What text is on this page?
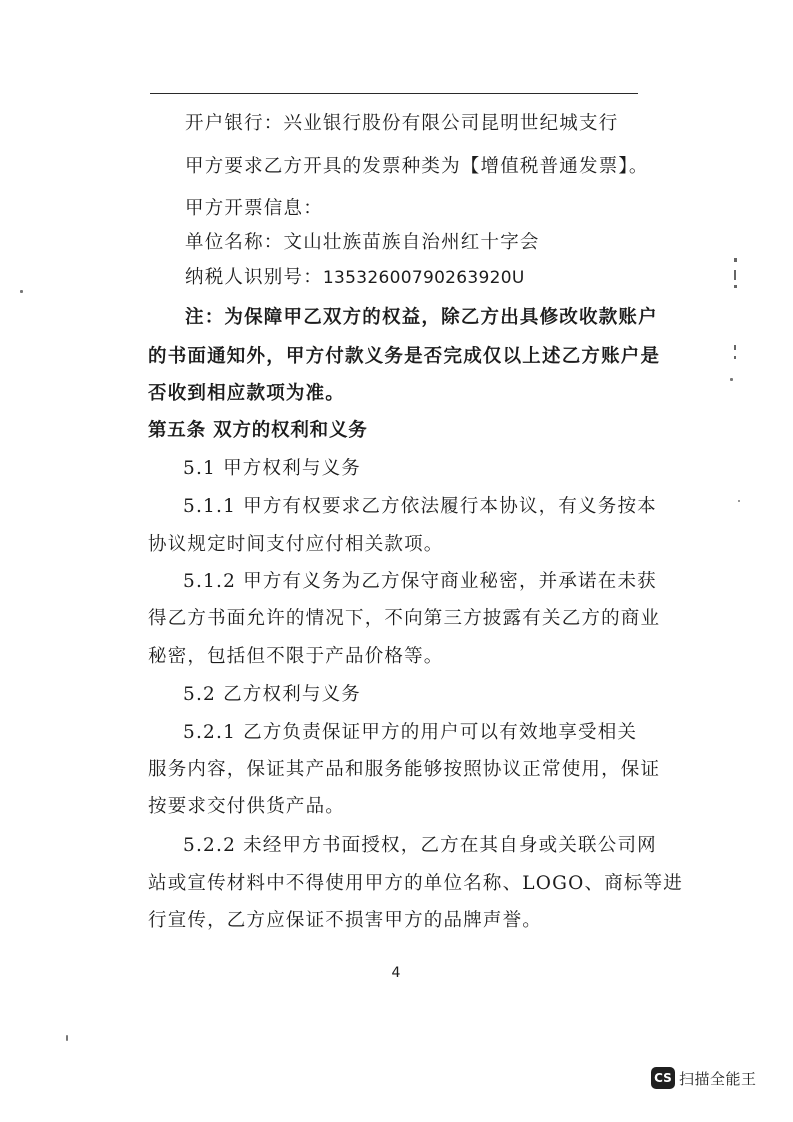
开户银行：兴业银行股份有限公司昆明世纪城支行
甲方要求乙方开具的发票种类为【增值税普通发票】。
甲方开票信息：
单位名称：文山壮族苗族自治州红十字会
纳税人识别号：13532600790263920U
注：为保障甲乙双方的权益，除乙方出具修改收款账户
的书面通知外，甲方付款义务是否完成仅以上述乙方账户是
否收到相应款项为准。
第五条 双方的权利和义务
5.1 甲方权利与义务
5.1.1 甲方有权要求乙方依法履行本协议，有义务按本
协议规定时间支付应付相关款项。
5.1.2 甲方有义务为乙方保守商业秘密，并承诺在未获
得乙方书面允许的情况下，不向第三方披露有关乙方的商业
秘密，包括但不限于产品价格等。
5.2 乙方权利与义务
5.2.1 乙方负责保证甲方的用户可以有效地享受相关
服务内容，保证其产品和服务能够按照协议正常使用，保证
按要求交付供货产品。
5.2.2 未经甲方书面授权，乙方在其自身或关联公司网
站或宣传材料中不得使用甲方的单位名称、LOGO、商标等进
行宣传，乙方应保证不损害甲方的品牌声誉。
4
CS 扫描全能王
